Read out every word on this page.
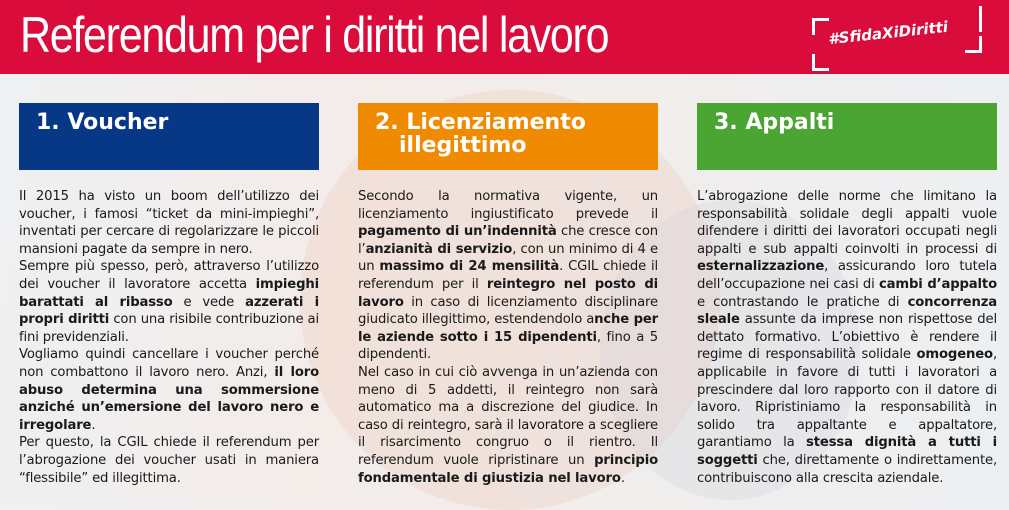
Referendum per i diritti nel lavoro	#SfidaXiDiritti
1. Voucher

Il 2015 ha visto un boom dell’utilizzo dei voucher, i famosi “ticket da mini-impieghi”, inventati per cercare di regolarizzare le piccoli mansioni pagate da sempre in nero.

Sempre più spesso, però, attraverso l’utilizzo dei voucher il lavoratore accetta impieghi barattati al ribasso e vede azzerati i propri diritti con una risibile contribuzione ai fini previdenziali.

Vogliamo quindi cancellare i voucher perché non combattono il lavoro nero. Anzi, il loro abuso determina una sommersione anziché un’emersione del lavoro nero e irregolare.

Per questo, la CGIL chiede il referendum per l’abrogazione dei voucher usati in maniera “flessibile” ed illegittima.

2. Licenziamento
illegittimo

Secondo la normativa vigente, un licenziamento ingiustificato prevede il pagamento di un’indennità che cresce con l’anzianità di servizio, con un minimo di 4 e un massimo di 24 mensilità. CGIL chiede il referendum per il reintegro nel posto di lavoro in caso di licenziamento disciplinare giudicato illegittimo, estendendolo anche per le aziende sotto i 15 dipendenti, fino a 5 dipendenti.

Nel caso in cui ciò avvenga in un’azienda con meno di 5 addetti, il reintegro non sarà automatico ma a discrezione del giudice. In caso di reintegro, sarà il lavoratore a scegliere il risarcimento congruo o il rientro. Il referendum vuole ripristinare un principio fondamentale di giustizia nel lavoro.

3. Appalti

L’abrogazione delle norme che limitano la responsabilità solidale degli appalti vuole difendere i diritti dei lavoratori occupati negli appalti e sub appalti coinvolti in processi di esternalizzazione, assicurando loro tutela dell’occupazione nei casi di cambi d’appalto e contrastando le pratiche di concorrenza sleale assunte da imprese non rispettose del dettato formativo. L’obiettivo è rendere il regime di responsabilità solidale omogeneo, applicabile in favore di tutti i lavoratori a prescindere dal loro rapporto con il datore di lavoro. Ripristiniamo la responsabilità in solido tra appaltante e appaltatore, garantiamo la stessa dignità a tutti i soggetti che, direttamente o indirettamente, contribuiscono alla crescita aziendale.
